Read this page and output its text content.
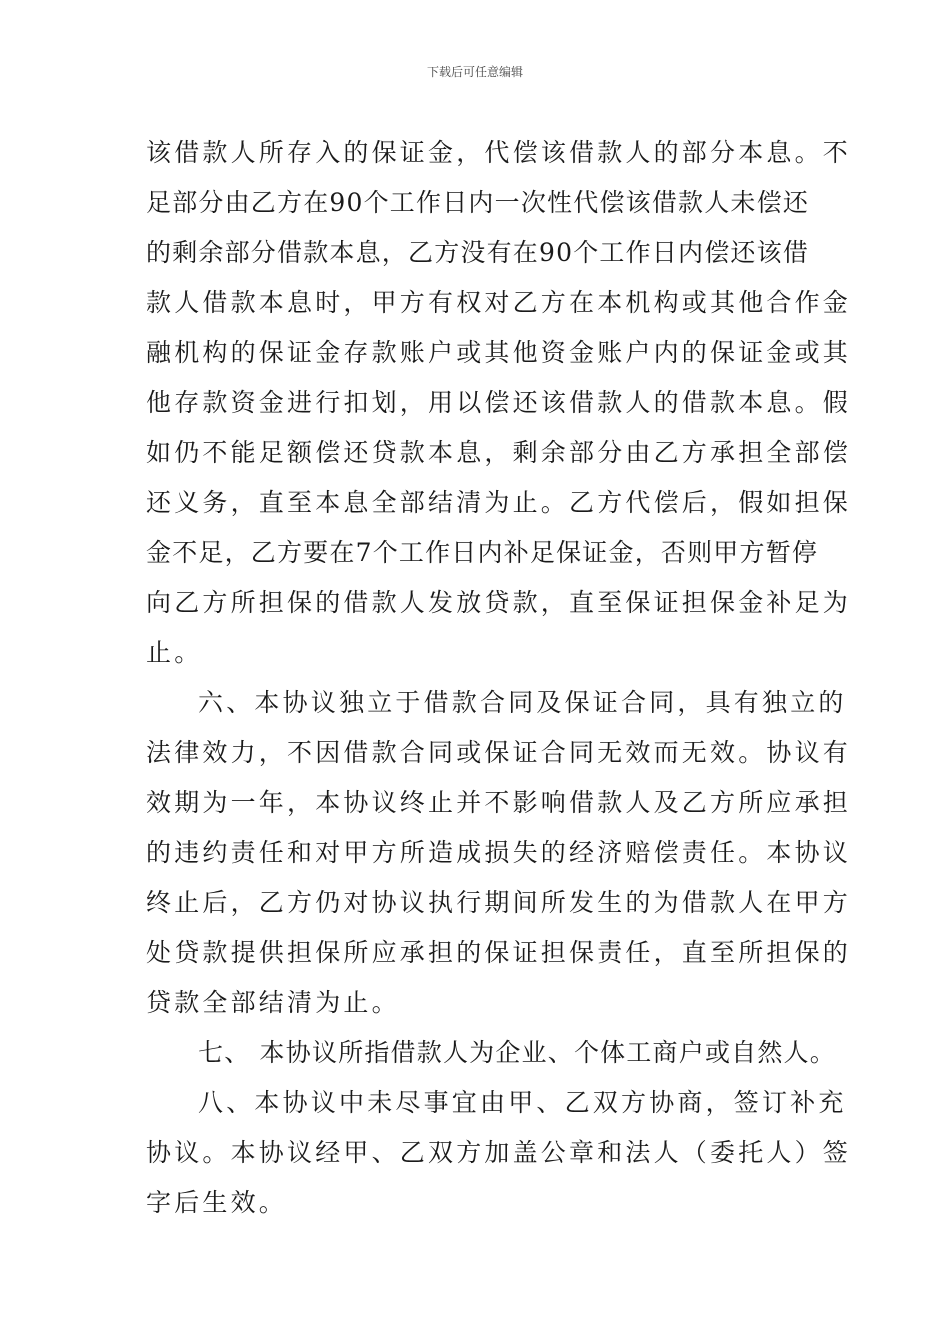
下载后可任意编辑
该借款人所存入的保证金，代偿该借款人的部分本息。不
足部分由乙方在90个工作日内一次性代偿该借款人未偿还
的剩余部分借款本息，乙方没有在90个工作日内偿还该借
款人借款本息时，甲方有权对乙方在本机构或其他合作金
融机构的保证金存款账户或其他资金账户内的保证金或其
他存款资金进行扣划，用以偿还该借款人的借款本息。假
如仍不能足额偿还贷款本息，剩余部分由乙方承担全部偿
还义务，直至本息全部结清为止。乙方代偿后，假如担保
金不足，乙方要在7个工作日内补足保证金，否则甲方暂停
向乙方所担保的借款人发放贷款，直至保证担保金补足为
止。
六、本协议独立于借款合同及保证合同，具有独立的
法律效力，不因借款合同或保证合同无效而无效。协议有
效期为一年，本协议终止并不影响借款人及乙方所应承担
的违约责任和对甲方所造成损失的经济赔偿责任。本协议
终止后，乙方仍对协议执行期间所发生的为借款人在甲方
处贷款提供担保所应承担的保证担保责任，直至所担保的
贷款全部结清为止。
七、 本协议所指借款人为企业、个体工商户或自然人。
八、本协议中未尽事宜由甲、乙双方协商，签订补充
协议。本协议经甲、乙双方加盖公章和法人（委托人）签
字后生效。
